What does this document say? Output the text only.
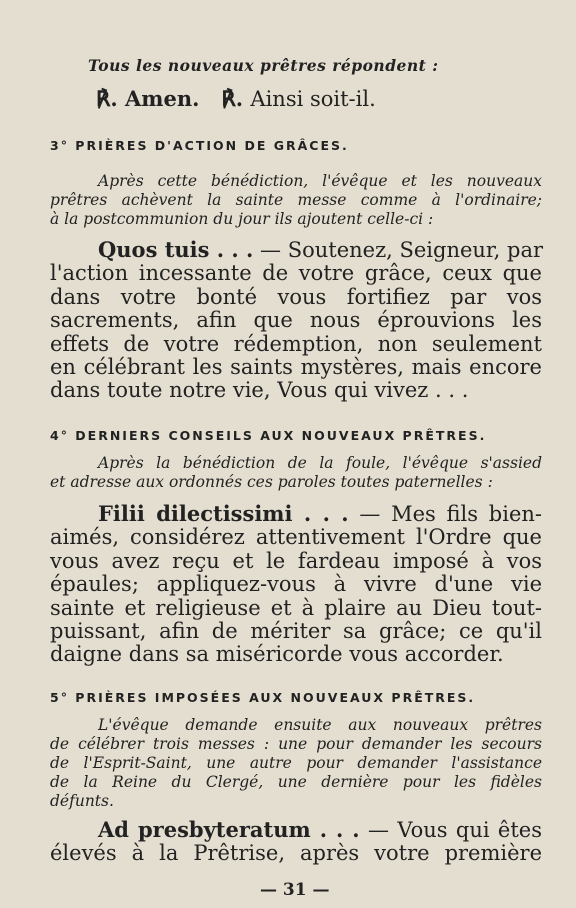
Tous les nouveaux prêtres répondent :
℟. Amen. ℟. Ainsi soit-il.
3° PRIÈRES D'ACTION DE GRÂCES.
Après cette bénédiction, l'évêque et les nouveaux
prêtres achèvent la sainte messe comme à l'ordinaire;
à la postcommunion du jour ils ajoutent celle-ci :
Quos tuis . . . — Soutenez, Seigneur, par
l'action incessante de votre grâce, ceux que
dans votre bonté vous fortifiez par vos
sacrements, afin que nous éprouvions les
effets de votre rédemption, non seulement
en célébrant les saints mystères, mais encore
dans toute notre vie, Vous qui vivez . . .
4° DERNIERS CONSEILS AUX NOUVEAUX PRÊTRES.
Après la bénédiction de la foule, l'évêque s'assied
et adresse aux ordonnés ces paroles toutes paternelles :
Filii dilectissimi . . . — Mes fils bien-
aimés, considérez attentivement l'Ordre que
vous avez reçu et le fardeau imposé à vos
épaules; appliquez-vous à vivre d'une vie
sainte et religieuse et à plaire au Dieu tout-
puissant, afin de mériter sa grâce; ce qu'il
daigne dans sa miséricorde vous accorder.
5° PRIÈRES IMPOSÉES AUX NOUVEAUX PRÊTRES.
L'évêque demande ensuite aux nouveaux prêtres
de célébrer trois messes : une pour demander les secours
de l'Esprit-Saint, une autre pour demander l'assistance
de la Reine du Clergé, une dernière pour les fidèles
défunts.
Ad presbyteratum . . . — Vous qui êtes
élevés à la Prêtrise, après votre première
— 31 —
